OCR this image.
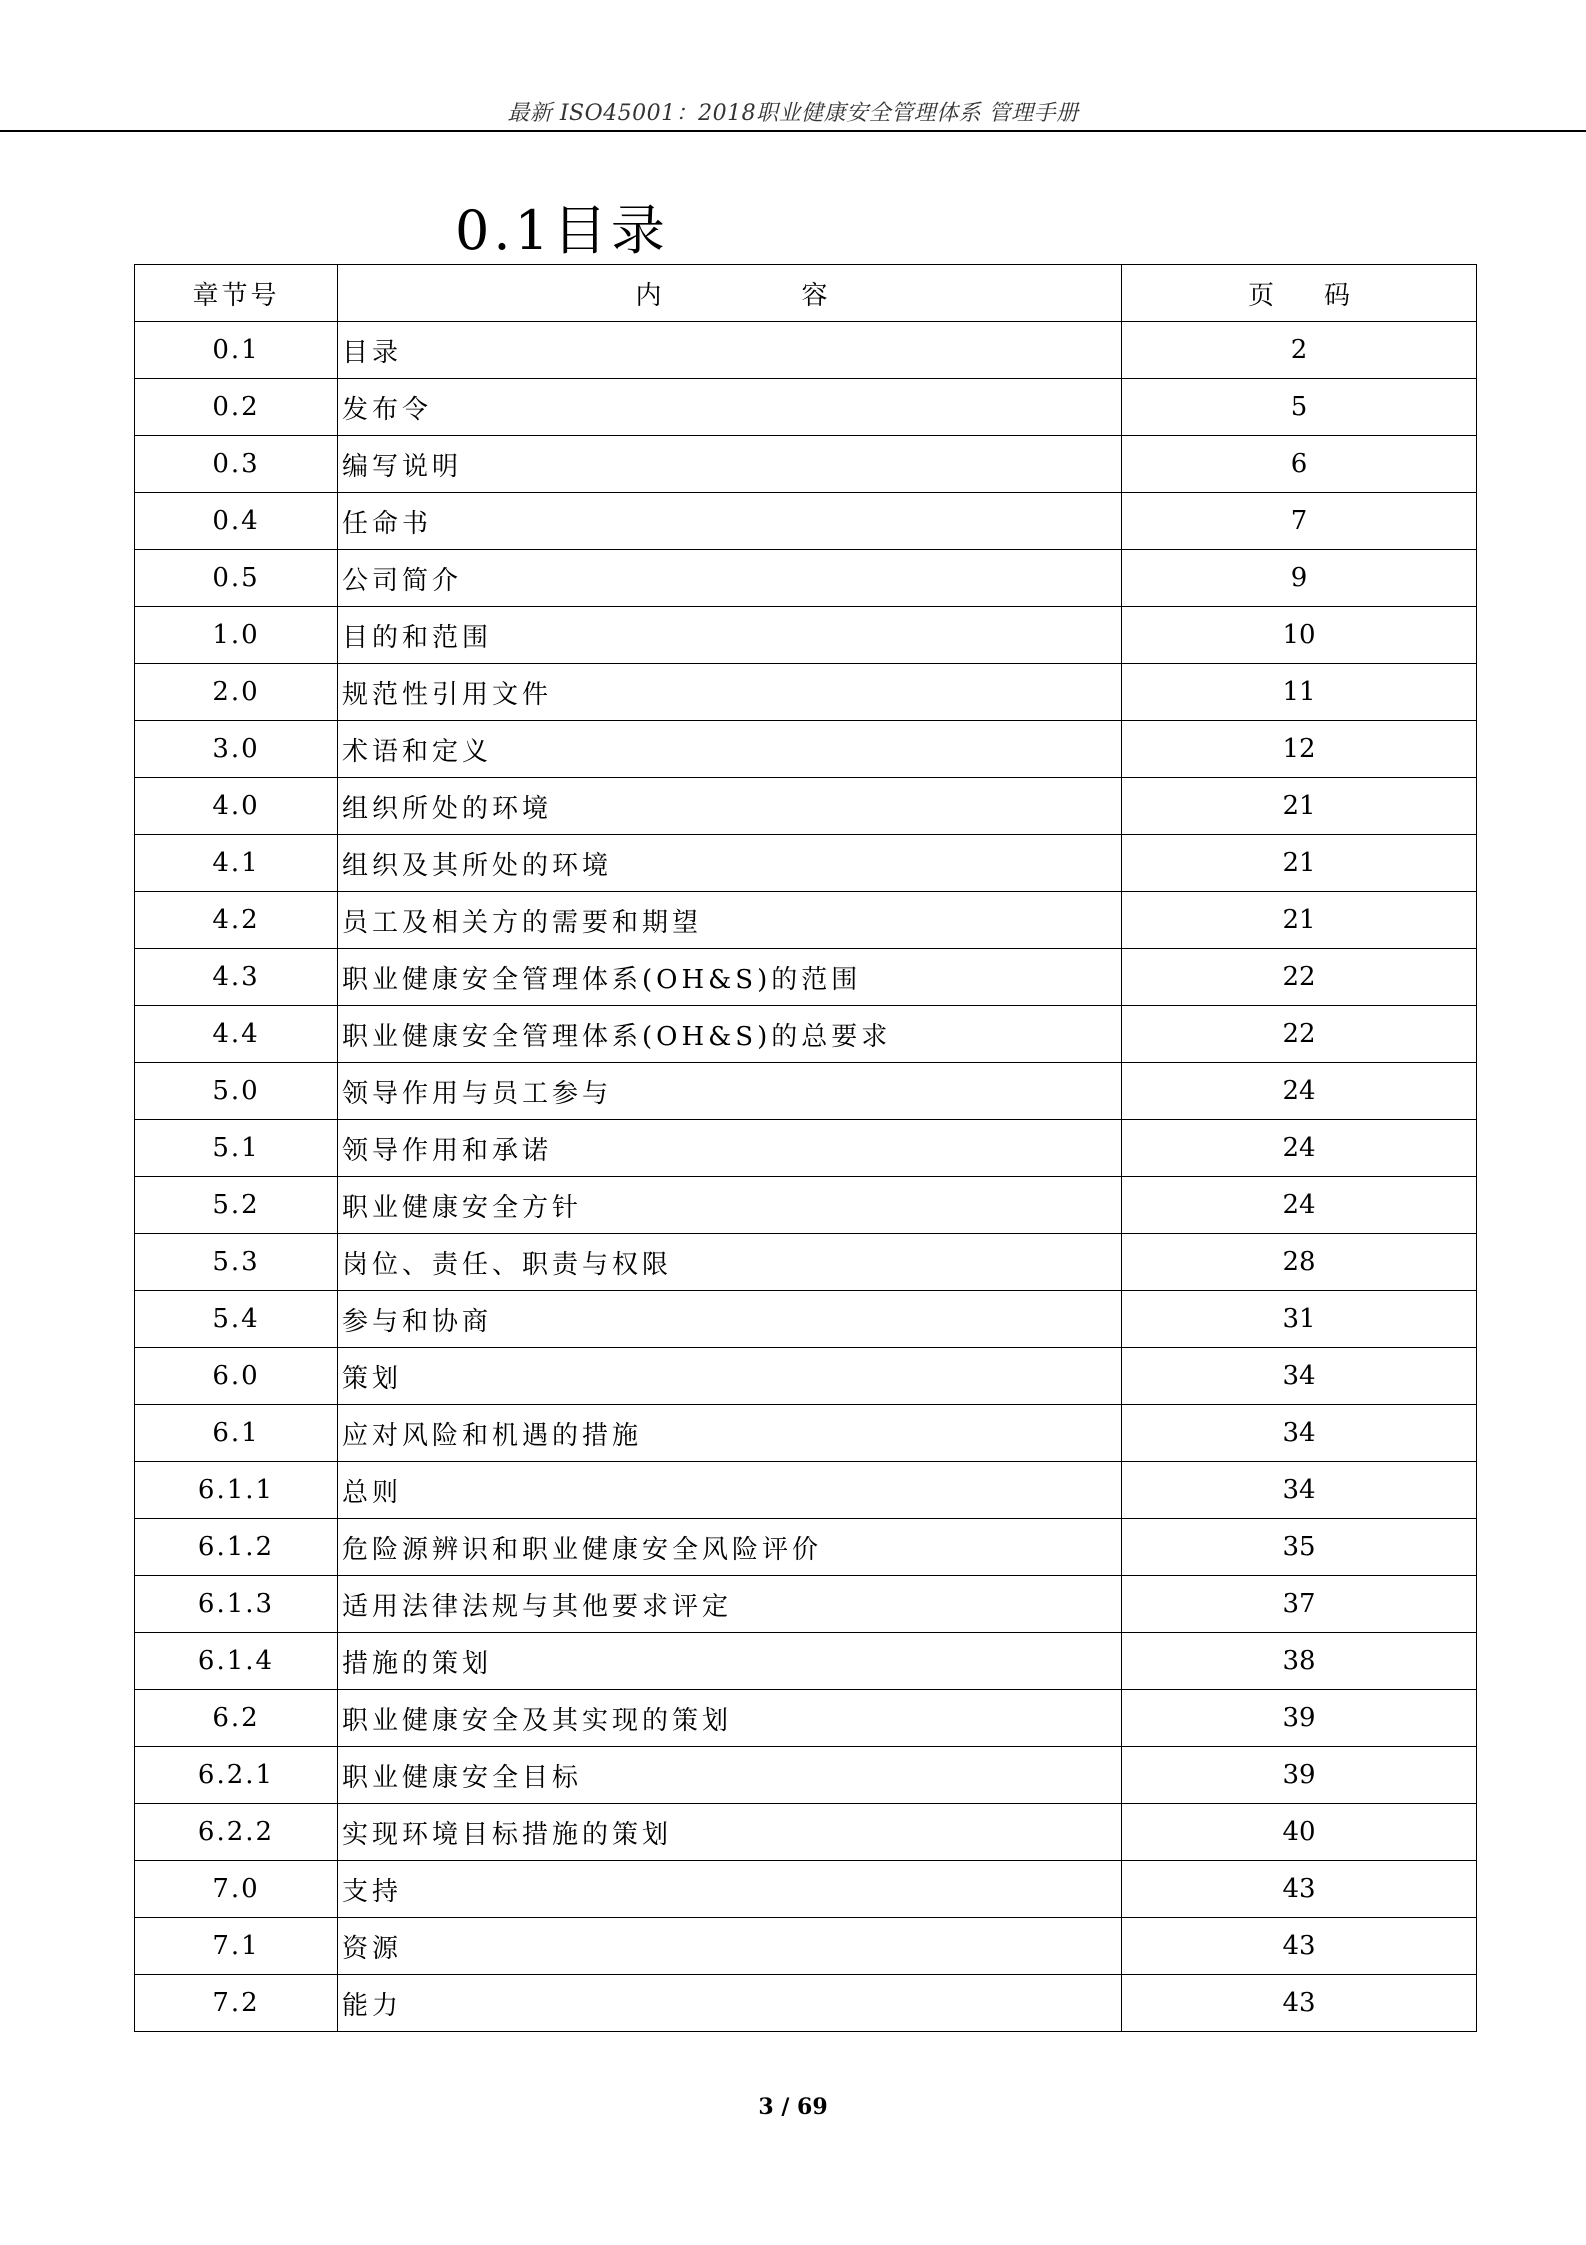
最新 ISO45001：2018职业健康安全管理体系 管理手册
0.1目录
章节号	内容	页码
0.1	目录	2
0.2	发布令	5
0.3	编写说明	6
0.4	任命书	7
0.5	公司简介	9
1.0	目的和范围	10
2.0	规范性引用文件	11
3.0	术语和定义	12
4.0	组织所处的环境	21
4.1	组织及其所处的环境	21
4.2	员工及相关方的需要和期望	21
4.3	职业健康安全管理体系(OH&S)的范围	22
4.4	职业健康安全管理体系(OH&S)的总要求	22
5.0	领导作用与员工参与	24
5.1	领导作用和承诺	24
5.2	职业健康安全方针	24
5.3	岗位、责任、职责与权限	28
5.4	参与和协商	31
6.0	策划	34
6.1	应对风险和机遇的措施	34
6.1.1	总则	34
6.1.2	危险源辨识和职业健康安全风险评价	35
6.1.3	适用法律法规与其他要求评定	37
6.1.4	措施的策划	38
6.2	职业健康安全及其实现的策划	39
6.2.1	职业健康安全目标	39
6.2.2	实现环境目标措施的策划	40
7.0	支持	43
7.1	资源	43
7.2	能力	43
3 / 69
